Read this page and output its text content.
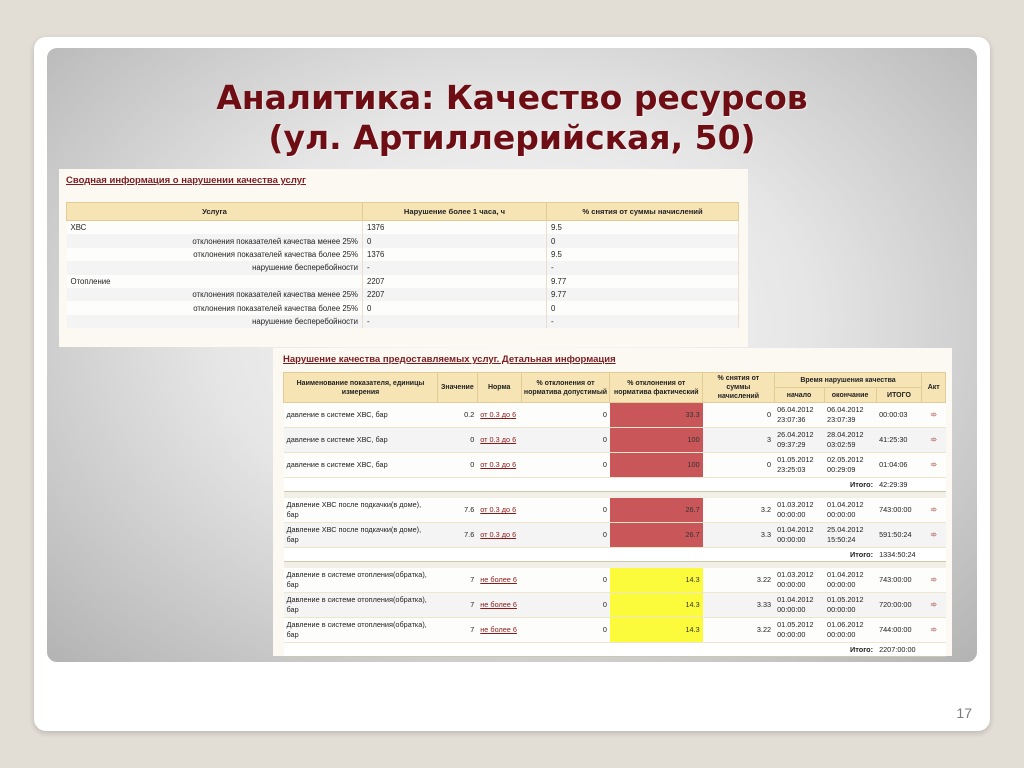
Аналитика: Качество ресурсов
(ул. Артиллерийская, 50)
Сводная информация о нарушении качества услуг
Услуга	Нарушение более 1 часа, ч	% снятия от суммы начислений
ХВС	1376	9.5
отклонения показателей качества менее 25%	0	0
отклонения показателей качества более 25%	1376	9.5
нарушение бесперебойности	-	-
Отопление	2207	9.77
отклонения показателей качества менее 25%	2207	9.77
отклонения показателей качества более 25%	0	0
нарушение бесперебойности	-	-
Нарушение качества предоставляемых услуг. Детальная информация
Наименование показателя, единицы измерения	Значение	Норма	% отклонения от норматива допустимый	% отклонения от норматива фактический	% снятия от суммы начислений	Время нарушения качества			Акт
						начало	окончание	ИТОГО	
давление в системе ХВС, бар	0.2	от 0.3 до 6	0	33.3	0	06.04.2012 23:07:36	06.04.2012 23:07:39	00:00:03	➾
давление в системе ХВС, бар	0	от 0.3 до 6	0	100	3	26.04.2012 09:37:29	28.04.2012 03:02:59	41:25:30	➾
давление в системе ХВС, бар	0	от 0.3 до 6	0	100	0	01.05.2012 23:25:03	02.05.2012 00:29:09	01:04:06	➾
Итого:								42:29:39	

Давление ХВС после подкачки(в доме), бар	7.6	от 0.3 до 6	0	26.7	3.2	01.03.2012 00:00:00	01.04.2012 00:00:00	743:00:00	➾
Давление ХВС после подкачки(в доме), бар	7.6	от 0.3 до 6	0	26.7	3.3	01.04.2012 00:00:00	25.04.2012 15:50:24	591:50:24	➾
Итого:								1334:50:24	

Давление в системе отопления(обратка), бар	7	не более 6	0	14.3	3.22	01.03.2012 00:00:00	01.04.2012 00:00:00	743:00:00	➾
Давление в системе отопления(обратка), бар	7	не более 6	0	14.3	3.33	01.04.2012 00:00:00	01.05.2012 00:00:00	720:00:00	➾
Давление в системе отопления(обратка), бар	7	не более 6	0	14.3	3.22	01.05.2012 00:00:00	01.06.2012 00:00:00	744:00:00	➾
Итого:								2207:00:00	
17
